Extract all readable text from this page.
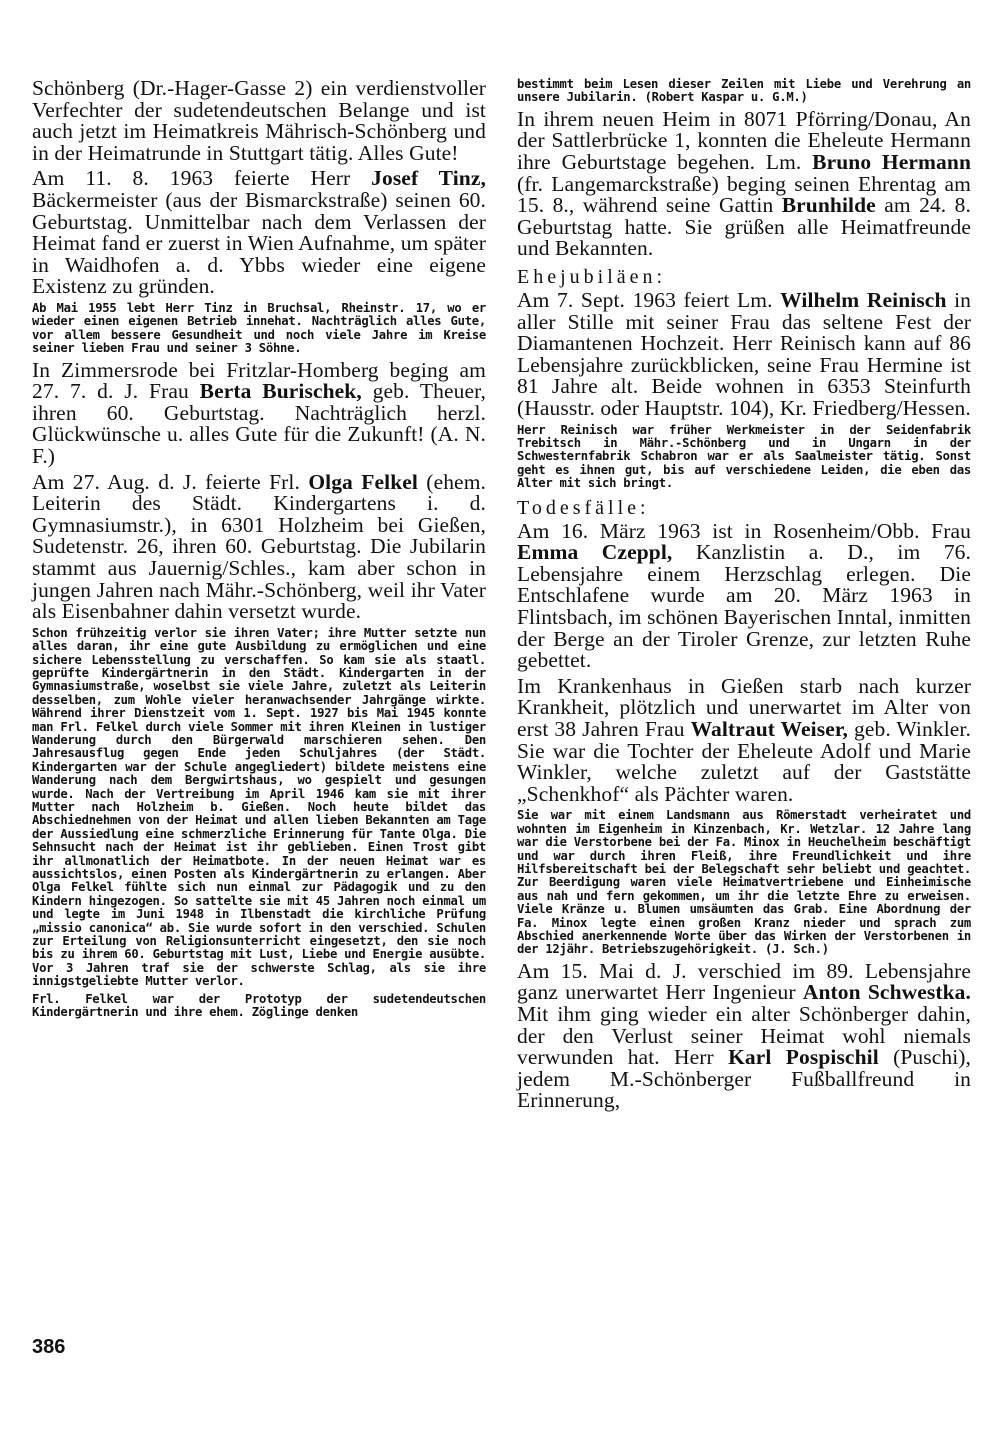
Schönberg (Dr.-Hager-Gasse 2) ein verdienstvoller Verfechter der sudetendeutschen Belange und ist auch jetzt im Heimatkreis Mährisch-Schönberg und in der Heimatrunde in Stuttgart tätig. Alles Gute!

Am 11. 8. 1963 feierte Herr Josef Tinz, Bäckermeister (aus der Bismarckstraße) seinen 60. Geburtstag. Unmittelbar nach dem Verlassen der Heimat fand er zuerst in Wien Aufnahme, um später in Waidhofen a. d. Ybbs wieder eine eigene Existenz zu gründen.

Ab Mai 1955 lebt Herr Tinz in Bruchsal, Rheinstr. 17, wo er wieder einen eigenen Betrieb innehat. Nachträglich alles Gute, vor allem bessere Gesundheit und noch viele Jahre im Kreise seiner lieben Frau und seiner 3 Söhne.

In Zimmersrode bei Fritzlar-Homberg beging am 27. 7. d. J. Frau Berta Burischek, geb. Theuer, ihren 60. Geburtstag. Nachträglich herzl. Glückwünsche u. alles Gute für die Zukunft! (A. N. F.)

Am 27. Aug. d. J. feierte Frl. Olga Felkel (ehem. Leiterin des Städt. Kindergartens i. d. Gymnasiumstr.), in 6301 Holzheim bei Gießen, Sudetenstr. 26, ihren 60. Geburtstag. Die Jubilarin stammt aus Jauernig/Schles., kam aber schon in jungen Jahren nach Mähr.-Schönberg, weil ihr Vater als Eisenbahner dahin versetzt wurde.

Schon frühzeitig verlor sie ihren Vater; ihre Mutter setzte nun alles daran, ihr eine gute Ausbildung zu ermöglichen und eine sichere Lebensstellung zu verschaffen. So kam sie als staatl. geprüfte Kindergärtnerin in den Städt. Kindergarten in der Gymnasiumstraße, woselbst sie viele Jahre, zuletzt als Leiterin desselben, zum Wohle vieler heranwachsender Jahrgänge wirkte. Während ihrer Dienstzeit vom 1. Sept. 1927 bis Mai 1945 konnte man Frl. Felkel durch viele Sommer mit ihren Kleinen in lustiger Wanderung durch den Bürgerwald marschieren sehen. Den Jahresausflug gegen Ende jeden Schuljahres (der Städt. Kindergarten war der Schule angegliedert) bildete meistens eine Wanderung nach dem Bergwirtshaus, wo gespielt und gesungen wurde. Nach der Vertreibung im April 1946 kam sie mit ihrer Mutter nach Holzheim b. Gießen. Noch heute bildet das Abschiednehmen von der Heimat und allen lieben Bekannten am Tage der Aussiedlung eine schmerzliche Erinnerung für Tante Olga. Die Sehnsucht nach der Heimat ist ihr geblieben. Einen Trost gibt ihr allmonatlich der Heimatbote. In der neuen Heimat war es aussichtslos, einen Posten als Kindergärtnerin zu erlangen. Aber Olga Felkel fühlte sich nun einmal zur Pädagogik und zu den Kindern hingezogen. So sattelte sie mit 45 Jahren noch einmal um und legte im Juni 1948 in Ilbenstadt die kirchliche Prüfung „missio canonica“ ab. Sie wurde sofort in den verschied. Schulen zur Erteilung von Religionsunterricht eingesetzt, den sie noch bis zu ihrem 60. Geburtstag mit Lust, Liebe und Energie ausübte. Vor 3 Jahren traf sie der schwerste Schlag, als sie ihre innigstgeliebte Mutter verlor.

Frl. Felkel war der Prototyp der sudetendeutschen Kindergärtnerin und ihre ehem. Zöglinge denken

bestimmt beim Lesen dieser Zeilen mit Liebe und Verehrung an unsere Jubilarin. (Robert Kaspar u. G.M.)

In ihrem neuen Heim in 8071 Pförring/Donau, An der Sattlerbrücke 1, konnten die Eheleute Hermann ihre Geburtstage begehen. Lm. Bruno Hermann (fr. Langemarckstraße) beging seinen Ehrentag am 15. 8., während seine Gattin Brunhilde am 24. 8. Geburtstag hatte. Sie grüßen alle Heimatfreunde und Bekannten.

Ehejubiläen:

Am 7. Sept. 1963 feiert Lm. Wilhelm Reinisch in aller Stille mit seiner Frau das seltene Fest der Diamantenen Hochzeit. Herr Reinisch kann auf 86 Lebensjahre zurückblicken, seine Frau Hermine ist 81 Jahre alt. Beide wohnen in 6353 Steinfurth (Hausstr. oder Hauptstr. 104), Kr. Friedberg/Hessen.

Herr Reinisch war früher Werkmeister in der Seidenfabrik Trebitsch in Mähr.-Schönberg und in Ungarn in der Schwesternfabrik Schabron war er als Saalmeister tätig. Sonst geht es ihnen gut, bis auf verschiedene Leiden, die eben das Alter mit sich bringt.

Todesfälle:

Am 16. März 1963 ist in Rosenheim/Obb. Frau Emma Czeppl, Kanzlistin a. D., im 76. Lebensjahre einem Herzschlag erlegen. Die Entschlafene wurde am 20. März 1963 in Flintsbach, im schönen Bayerischen Inntal, inmitten der Berge an der Tiroler Grenze, zur letzten Ruhe gebettet.

Im Krankenhaus in Gießen starb nach kurzer Krankheit, plötzlich und unerwartet im Alter von erst 38 Jahren Frau Waltraut Weiser, geb. Winkler. Sie war die Tochter der Eheleute Adolf und Marie Winkler, welche zuletzt auf der Gaststätte „Schenkhof“ als Pächter waren.

Sie war mit einem Landsmann aus Römerstadt verheiratet und wohnten im Eigenheim in Kinzenbach, Kr. Wetzlar. 12 Jahre lang war die Verstorbene bei der Fa. Minox in Heuchelheim beschäftigt und war durch ihren Fleiß, ihre Freundlichkeit und ihre Hilfsbereitschaft bei der Belegschaft sehr beliebt und geachtet. Zur Beerdigung waren viele Heimatvertriebene und Einheimische aus nah und fern gekommen, um ihr die letzte Ehre zu erweisen. Viele Kränze u. Blumen umsäumten das Grab. Eine Abordnung der Fa. Minox legte einen großen Kranz nieder und sprach zum Abschied anerkennende Worte über das Wirken der Verstorbenen in der 12jähr. Betriebszugehörigkeit. (J. Sch.)

Am 15. Mai d. J. verschied im 89. Lebensjahre ganz unerwartet Herr Ingenieur Anton Schwestka. Mit ihm ging wieder ein alter Schönberger dahin, der den Verlust seiner Heimat wohl niemals verwunden hat. Herr Karl Pospischil (Puschi), jedem M.-Schönberger Fußballfreund in Erinnerung,

386
